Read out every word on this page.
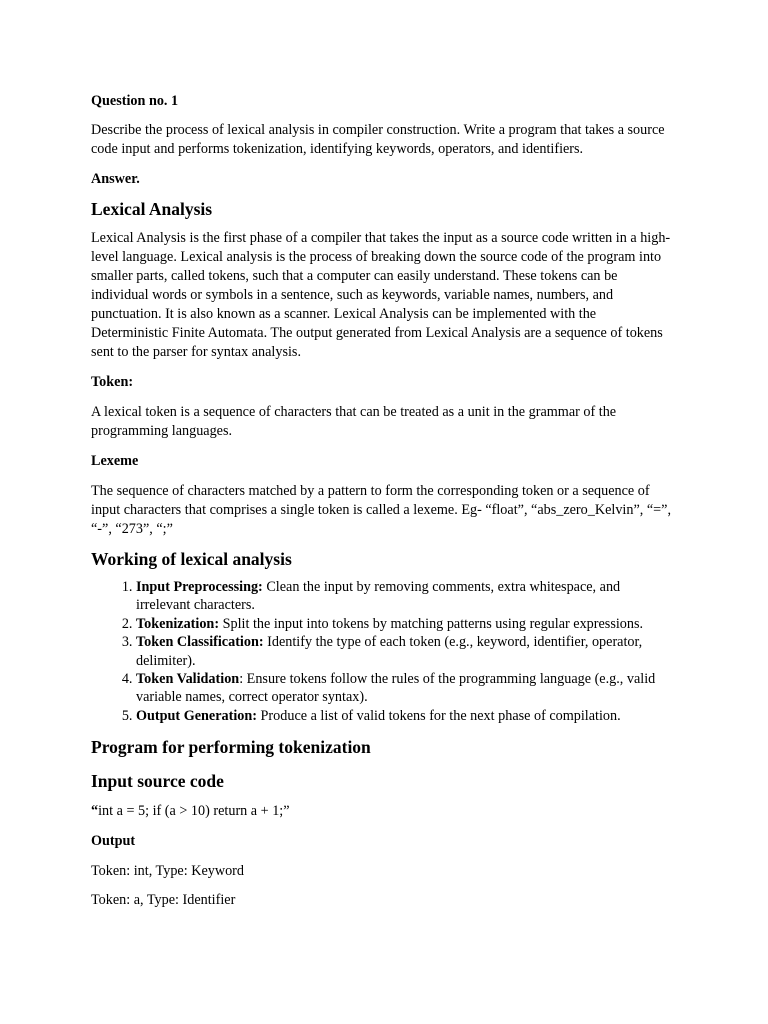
Question no. 1

Describe the process of lexical analysis in compiler construction. Write a program that takes a source code input and performs tokenization, identifying keywords, operators, and identifiers.

Answer.

Lexical Analysis

Lexical Analysis is the first phase of a compiler that takes the input as a source code written in a high-level language. Lexical analysis is the process of breaking down the source code of the program into smaller parts, called tokens, such that a computer can easily understand. These tokens can be individual words or symbols in a sentence, such as keywords, variable names, numbers, and punctuation. It is also known as a scanner. Lexical Analysis can be implemented with the Deterministic Finite Automata. The output generated from Lexical Analysis are a sequence of tokens sent to the parser for syntax analysis.

Token:

A lexical token is a sequence of characters that can be treated as a unit in the grammar of the programming languages.

Lexeme

The sequence of characters matched by a pattern to form the corresponding token or a sequence of input characters that comprises a single token is called a lexeme. Eg- “float”, “abs_zero_Kelvin”, “=”, “-”, “273”, “;”

Working of lexical analysis
1. Input Preprocessing: Clean the input by removing comments, extra whitespace, and irrelevant characters.
2. Tokenization: Split the input into tokens by matching patterns using regular expressions.
3. Token Classification: Identify the type of each token (e.g., keyword, identifier, operator, delimiter).
4. Token Validation: Ensure tokens follow the rules of the programming language (e.g., valid variable names, correct operator syntax).
5. Output Generation: Produce a list of valid tokens for the next phase of compilation.
Program for performing tokenization
Input source code

“int a = 5; if (a > 10) return a + 1;”

Output

Token: int, Type: Keyword

Token: a, Type: Identifier
